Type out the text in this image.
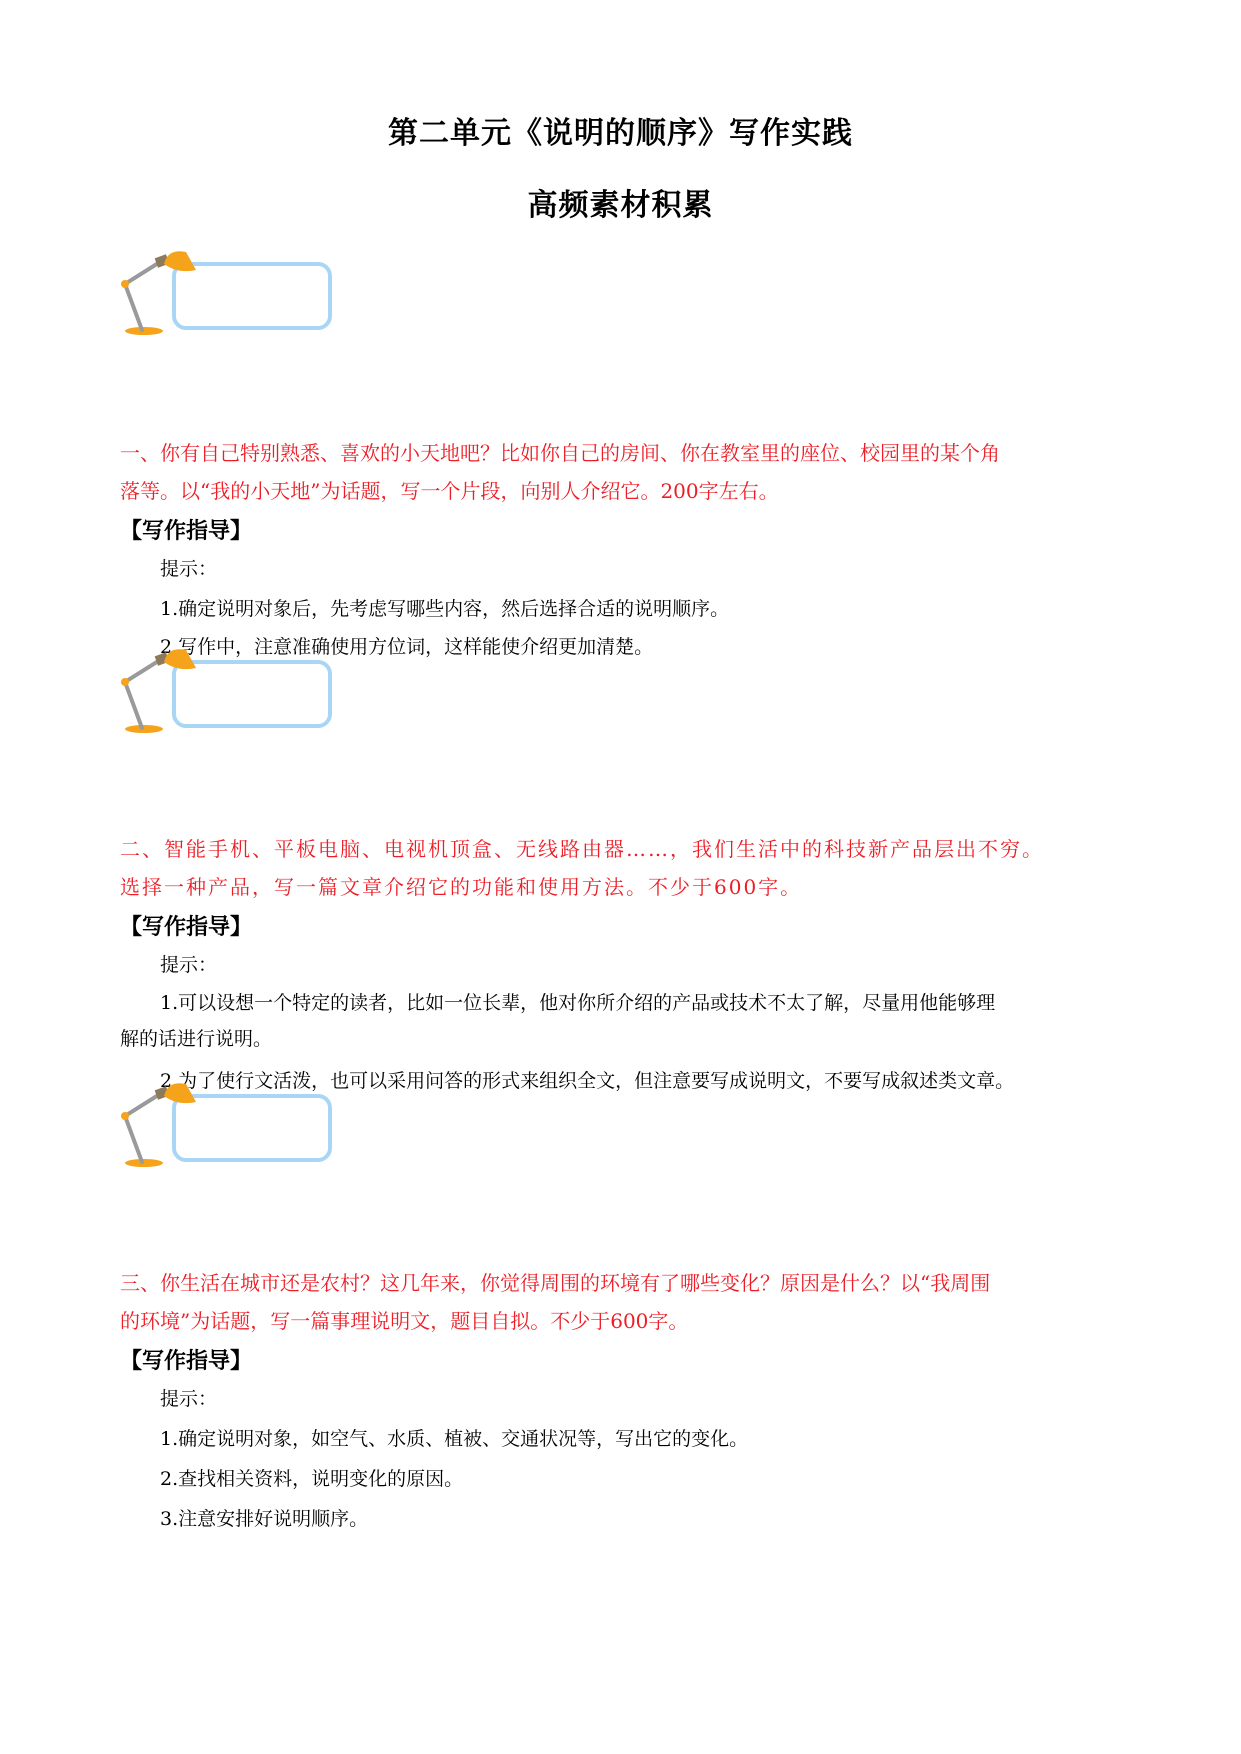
第二单元《说明的顺序》写作实践
高频素材积累
一、你有自己特别熟悉、喜欢的小天地吧？比如你自己的房间、你在教室里的座位、校园里的某个角
落等。以“我的小天地”为话题，写一个片段，向别人介绍它。200字左右。
【写作指导】
提示：
1.确定说明对象后，先考虑写哪些内容，然后选择合适的说明顺序。
2.写作中，注意准确使用方位词，这样能使介绍更加清楚。
二、智能手机、平板电脑、电视机顶盒、无线路由器……，我们生活中的科技新产品层出不穷。
选择一种产品，写一篇文章介绍它的功能和使用方法。不少于600字。
【写作指导】
提示：
1.可以设想一个特定的读者，比如一位长辈，他对你所介绍的产品或技术不太了解，尽量用他能够理
解的话进行说明。
2.为了使行文活泼，也可以采用问答的形式来组织全文，但注意要写成说明文，不要写成叙述类文章。
三、你生活在城市还是农村？这几年来，你觉得周围的环境有了哪些变化？原因是什么？以“我周围
的环境”为话题，写一篇事理说明文，题目自拟。不少于600字。
【写作指导】
提示：
1.确定说明对象，如空气、水质、植被、交通状况等，写出它的变化。
2.查找相关资料，说明变化的原因。
3.注意安排好说明顺序。
